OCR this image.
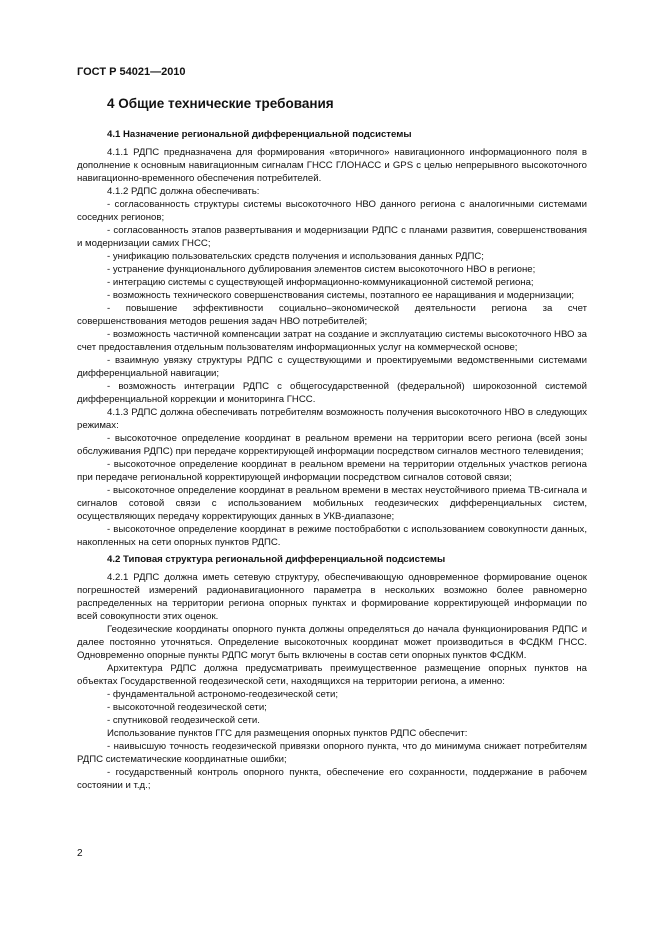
ГОСТ Р 54021—2010
4 Общие технические требования

4.1 Назначение региональной дифференциальной подсистемы

4.1.1 РДПС предназначена для формирования «вторичного» навигационного информационного поля в дополнение к основным навигационным сигналам ГНСС ГЛОНАСС и GPS с целью непрерывного высокоточного навигационно-временного обеспечения потребителей.

4.1.2 РДПС должна обеспечивать:

- согласованность структуры системы высокоточного НВО данного региона с аналогичными системами соседних регионов;

- согласованность этапов развертывания и модернизации РДПС с планами развития, совершенствования и модернизации самих ГНСС;

- унификацию пользовательских средств получения и использования данных РДПС;

- устранение функционального дублирования элементов систем высокоточного НВО в регионе;

- интеграцию системы с существующей информационно-коммуникационной системой региона;

- возможность технического совершенствования системы, поэтапного ее наращивания и модернизации;

- повышение эффективности социально–экономической деятельности региона за счет совершенствования методов решения задач НВО потребителей;

- возможность частичной компенсации затрат на создание и эксплуатацию системы высокоточного НВО за счет предоставления отдельным пользователям информационных услуг на коммерческой основе;

- взаимную увязку структуры РДПС с существующими и проектируемыми ведомственными системами дифференциальной навигации;

- возможность интеграции РДПС с общегосударственной (федеральной) широкозонной системой дифференциальной коррекции и мониторинга ГНСС.

4.1.3 РДПС должна обеспечивать потребителям возможность получения высокоточного НВО в следующих режимах:

- высокоточное определение координат в реальном времени на территории всего региона (всей зоны обслуживания РДПС) при передаче корректирующей информации посредством сигналов местного телевидения;

- высокоточное определение координат в реальном времени на территории отдельных участков региона при передаче региональной корректирующей информации посредством сигналов сотовой связи;

- высокоточное определение координат в реальном времени в местах неустойчивого приема ТВ-сигнала и сигналов сотовой связи с использованием мобильных геодезических дифференциальных систем, осуществляющих передачу корректирующих данных в УКВ-диапазоне;

- высокоточное определение координат в режиме постобработки с использованием совокупности данных, накопленных на сети опорных пунктов РДПС.

4.2 Типовая структура региональной дифференциальной подсистемы

4.2.1 РДПС должна иметь сетевую структуру, обеспечивающую одновременное формирование оценок погрешностей измерений радионавигационного параметра в нескольких возможно более равномерно распределенных на территории региона опорных пунктах и формирование корректирующей информации по всей совокупности этих оценок.

Геодезические координаты опорного пункта должны определяться до начала функционирования РДПС и далее постоянно уточняться. Определение высокоточных координат может производиться в ФСДКМ ГНСС. Одновременно опорные пункты РДПС могут быть включены в состав сети опорных пунктов ФСДКМ.

Архитектура РДПС должна предусматривать преимущественное размещение опорных пунктов на объектах Государственной геодезической сети, находящихся на территории региона, а именно:

- фундаментальной астрономо-геодезической сети;

- высокоточной геодезической сети;

- спутниковой геодезической сети.

Использование пунктов ГГС для размещения опорных пунктов РДПС обеспечит:

- наивысшую точность геодезической привязки опорного пункта, что до минимума снижает потребителям РДПС систематические координатные ошибки;

- государственный контроль опорного пункта, обеспечение его сохранности, поддержание в рабочем состоянии и т.д.;

2
